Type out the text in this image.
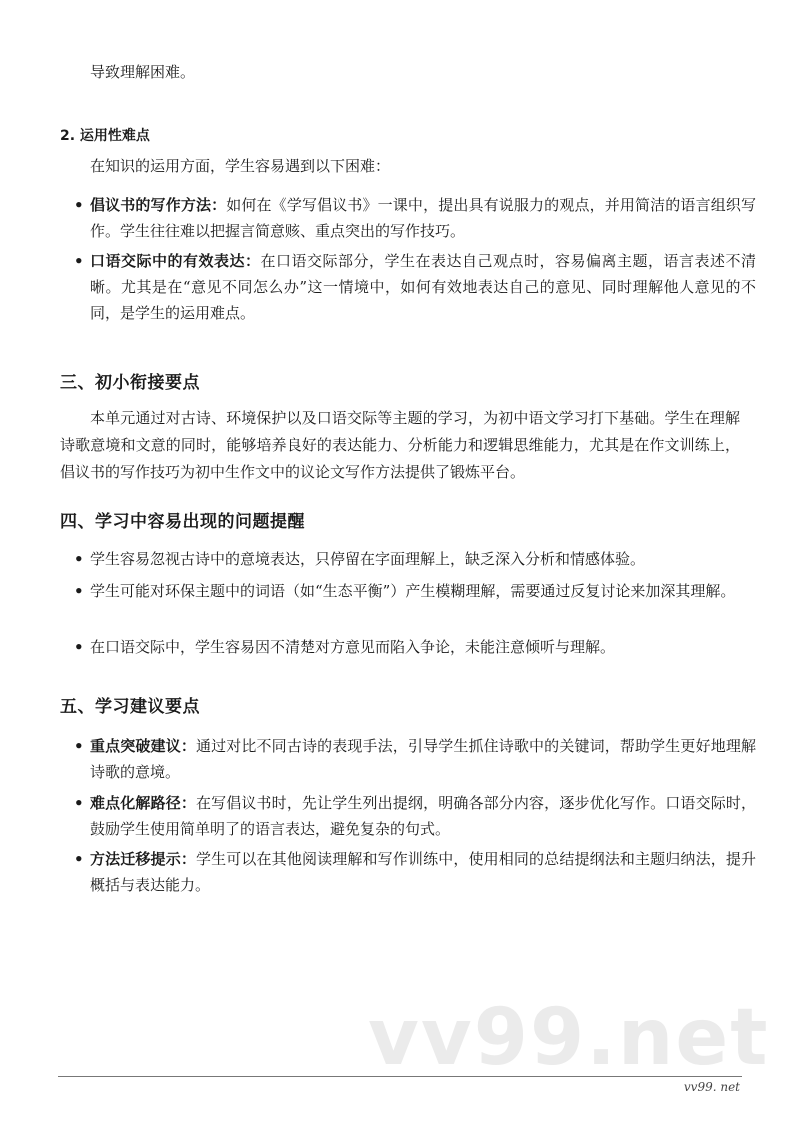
导致理解困难。
2. 运用性难点
在知识的运用方面，学生容易遇到以下困难：
• 倡议书的写作方法：如何在《学写倡议书》一课中，提出具有说服力的观点，并用简洁的语言组织写作。学生往往难以把握言简意赅、重点突出的写作技巧。
• 口语交际中的有效表达：在口语交际部分，学生在表达自己观点时，容易偏离主题，语言表述不清晰。尤其是在“意见不同怎么办”这一情境中，如何有效地表达自己的意见、同时理解他人意见的不同，是学生的运用难点。
三、初小衔接要点
本单元通过对古诗、环境保护以及口语交际等主题的学习，为初中语文学习打下基础。学生在理解诗歌意境和文意的同时，能够培养良好的表达能力、分析能力和逻辑思维能力，尤其是在作文训练上，倡议书的写作技巧为初中生作文中的议论文写作方法提供了锻炼平台。
四、学习中容易出现的问题提醒
• 学生容易忽视古诗中的意境表达，只停留在字面理解上，缺乏深入分析和情感体验。
• 学生可能对环保主题中的词语（如“生态平衡”）产生模糊理解，需要通过反复讨论来加深其理解。
• 在口语交际中，学生容易因不清楚对方意见而陷入争论，未能注意倾听与理解。
五、学习建议要点
• 重点突破建议：通过对比不同古诗的表现手法，引导学生抓住诗歌中的关键词，帮助学生更好地理解诗歌的意境。
• 难点化解路径：在写倡议书时，先让学生列出提纲，明确各部分内容，逐步优化写作。口语交际时，鼓励学生使用简单明了的语言表达，避免复杂的句式。
• 方法迁移提示：学生可以在其他阅读理解和写作训练中，使用相同的总结提纲法和主题归纳法，提升概括与表达能力。
vv99.net
vv99. net
